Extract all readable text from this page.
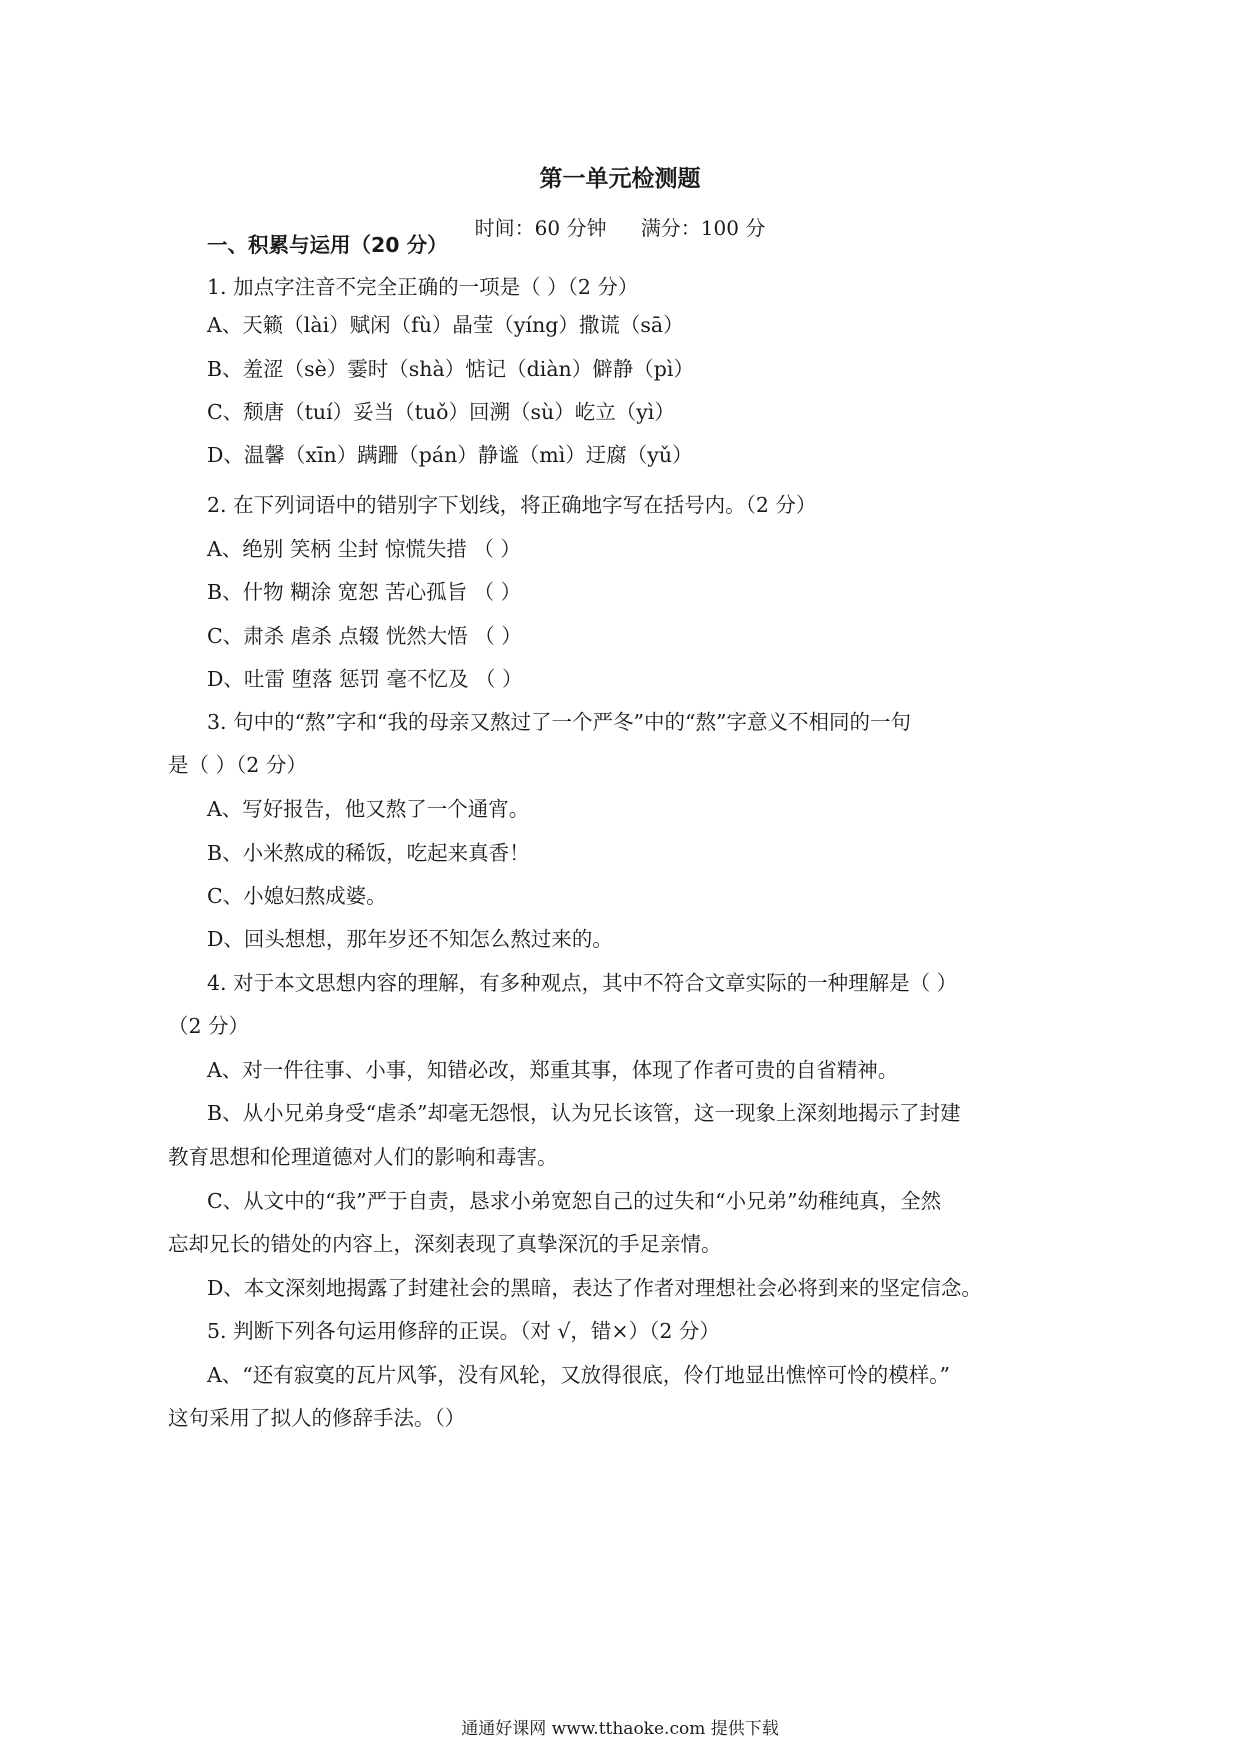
第一单元检测题
时间：60 分钟 满分：100 分
一、积累与运用（20 分）
1. 加点字注音不完全正确的一项是（ ）（2 分）
A、天籁（lài）赋闲（fù）晶莹（yíng）撒谎（sā）
B、羞涩（sè）霎时（shà）惦记（diàn）僻静（pì）
C、颓唐（tuí）妥当（tuǒ）回溯（sù）屹立（yì）
D、温馨（xīn）蹒跚（pán）静谧（mì）迂腐（yǔ）
2. 在下列词语中的错别字下划线，将正确地字写在括号内。（2 分）
A、绝别 笑柄 尘封 惊慌失措 （ ）
B、什物 糊涂 宽恕 苦心孤旨 （ ）
C、肃杀 虐杀 点辍 恍然大悟 （ ）
D、吐雷 堕落 惩罚 毫不忆及 （ ）
3. 句中的“熬”字和“我的母亲又熬过了一个严冬”中的“熬”字意义不相同的一句
是（ ）（2 分）
A、写好报告，他又熬了一个通宵。
B、小米熬成的稀饭，吃起来真香！
C、小媳妇熬成婆。
D、回头想想，那年岁还不知怎么熬过来的。
4. 对于本文思想内容的理解，有多种观点，其中不符合文章实际的一种理解是（ ）
（2 分）
A、对一件往事、小事，知错必改，郑重其事，体现了作者可贵的自省精神。
B、从小兄弟身受“虐杀”却毫无怨恨，认为兄长该管，这一现象上深刻地揭示了封建
教育思想和伦理道德对人们的影响和毒害。
C、从文中的“我”严于自责，恳求小弟宽恕自己的过失和“小兄弟”幼稚纯真，全然
忘却兄长的错处的内容上，深刻表现了真挚深沉的手足亲情。
D、本文深刻地揭露了封建社会的黑暗，表达了作者对理想社会必将到来的坚定信念。
5. 判断下列各句运用修辞的正误。（对 √，错×）（2 分）
A、“还有寂寞的瓦片风筝，没有风轮，又放得很底，伶仃地显出憔悴可怜的模样。”
这句采用了拟人的修辞手法。（）
通通好课网 www.tthaoke.com 提供下载
